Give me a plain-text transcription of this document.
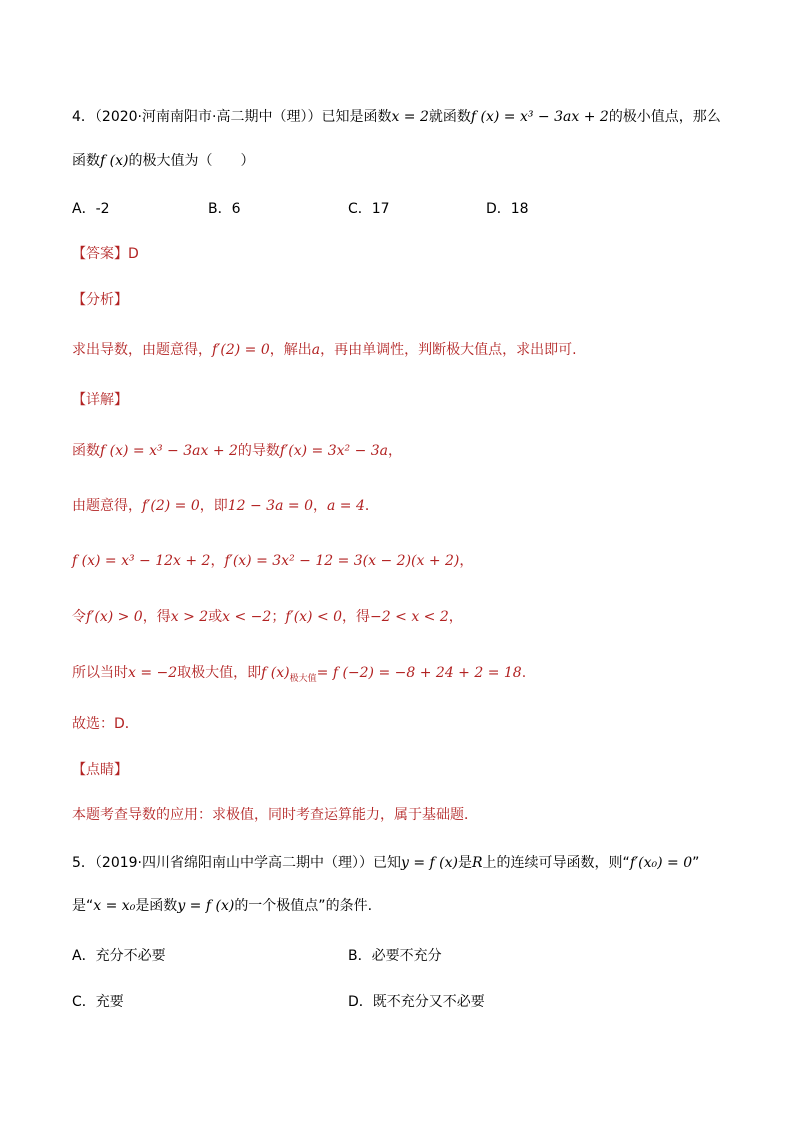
4．（2020·河南南阳市·高二期中（理））已知是函数x = 2就函数f (x) = x³ − 3ax + 2的极小值点，那么
函数f (x)的极大值为（　　）
A．-2	B．6	C．17	D．18
【答案】D
【分析】
求出导数，由题意得，f′(2) = 0，解出a，再由单调性，判断极大值点，求出即可.
【详解】
函数f (x) = x³ − 3ax + 2的导数f′(x) = 3x² − 3a，
由题意得，f′(2) = 0，即12 − 3a = 0，a = 4．
f (x) = x³ − 12x + 2，f′(x) = 3x² − 12 = 3(x − 2)(x + 2)，
令f′(x) > 0，得x > 2或x < −2；f′(x) < 0，得−2 < x < 2，
所以当时x = −2取极大值，即f $(x)_{极大值}= f$ (−2) = −8 + 24 + 2 = 18.
故选：D．
【点睛】
本题考查导数的应用：求极值，同时考查运算能力，属于基础题．
5．（2019·四川省绵阳南山中学高二期中（理））已知y = f (x)是R上的连续可导函数，则“f′(x₀) = 0”
是“x = x₀是函数y = f (x)的一个极值点”的条件.
A．充分不必要	B．必要不充分
C．充要	D．既不充分又不必要
